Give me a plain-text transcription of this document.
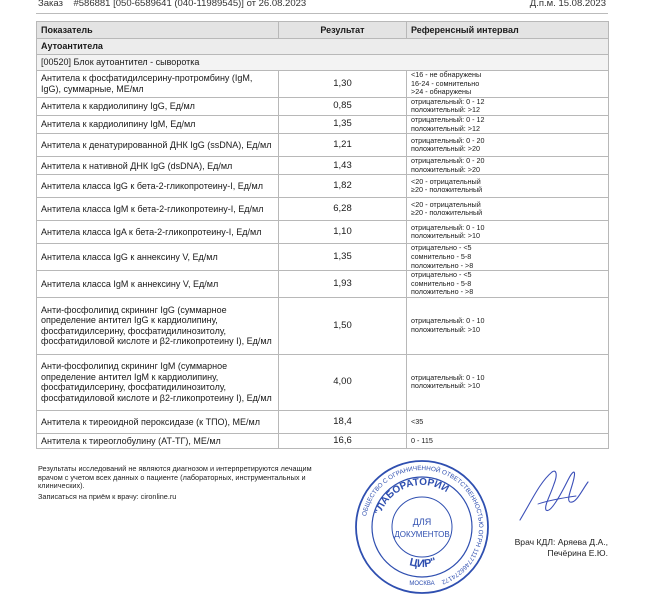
Заказ #586881 [050-6589641 (040-11989545)] от 26.08.2023	Д.п.м. 15.08.2023
Показатель	Результат	Референсный интервал
Аутоантитела		
[00520] Блок аутоантител - сыворотка		
Антитела к фосфатидилсерину-протромбину (IgM, IgG), суммарные, МЕ/мл	1,30	<16 - не обнаружены
16-24 - сомнительно
>24 - обнаружены
Антитела к кардиолипину IgG, Ед/мл	0,85	отрицательный: 0 - 12
положительный: >12
Антитела к кардиолипину IgM, Ед/мл	1,35	отрицательный: 0 - 12
положительный: >12
Антитела к денатурированной ДНК IgG (ssDNA), Ед/мл	1,21	отрицательный: 0 - 20
положительный: >20
Антитела к нативной ДНК IgG (dsDNA), Ед/мл	1,43	отрицательный: 0 - 20
положительный: >20
Антитела класса IgG к бета-2-гликопротеину-I, Ед/мл	1,82	<20 - отрицательный
≥20 - положительный
Антитела класса IgM к бета-2-гликопротеину-I, Ед/мл	6,28	<20 - отрицательный
≥20 - положительный
Антитела класса IgA к бета-2-гликопротеину-I, Ед/мл	1,10	отрицательный: 0 - 10
положительный: >10
Антитела класса IgG к аннексину V, Ед/мл	1,35	отрицательно - <5
сомнительно - 5-8
положительно - >8
Антитела класса IgM к аннексину V, Ед/мл	1,93	отрицательно - <5
сомнительно - 5-8
положительно - >8
Анти-фосфолипид скрининг IgG (суммарное определение антител IgG к кардиолипину, фосфатидилсерину, фосфатидилинозитолу, фосфатидиловой кислоте и β2-гликопротеину I), Ед/мл	1,50	отрицательный: 0 - 10
положительный: >10
Анти-фосфолипид скрининг IgM (суммарное определение антител IgM к кардиолипину, фосфатидилсерину, фосфатидилинозитолу, фосфатидиловой кислоте и β2-гликопротеину I), Ед/мл	4,00	отрицательный: 0 - 10
положительный: >10
Антитела к тиреоидной пероксидазе (к ТПО), МЕ/мл	18,4	<35
Антитела к тиреоглобулину (АТ-ТГ), МЕ/мл	16,6	0 - 115

Результаты исследований не являются диагнозом и интерпретируются лечащим врачом с учетом всех данных о пациенте (лабораторных, инструментальных и клинических).

Записаться на приём к врачу: cironline.ru

ОБЩЕСТВО С ОГРАНИЧЕННОЙ ОТВЕТСТВЕННОСТЬЮ ОГРН 11177466274172
"ЛАБОРАТОРИИ
ЦИР"
ДЛЯ
ДОКУМЕНТОВ
МОСКВА
Врач КДЛ: Аряева Д.А.,
Печёрина Е.Ю.
